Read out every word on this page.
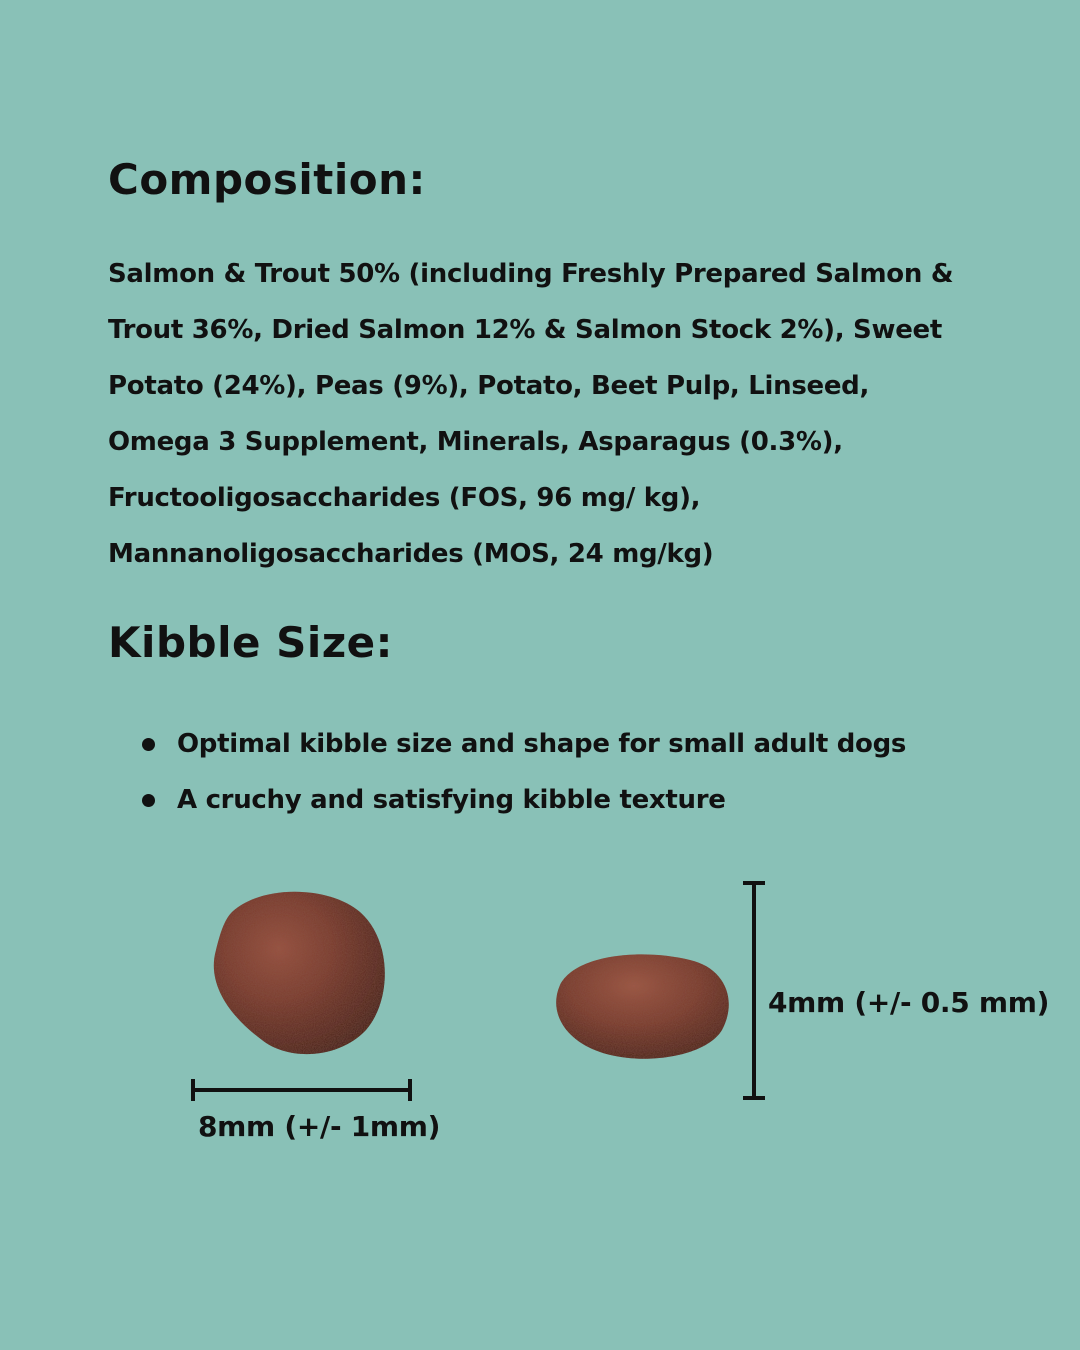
Composition:

Salmon & Trout 50% (including Freshly Prepared Salmon & Trout 36%, Dried Salmon 12% & Salmon Stock 2%), Sweet Potato (24%), Peas (9%), Potato, Beet Pulp, Linseed, Omega 3 Supplement, Minerals, Asparagus (0.3%), Fructooligosaccharides (FOS, 96 mg/ kg), Mannanoligosaccharides (MOS, 24 mg/kg)

Kibble Size:
Optimal kibble size and shape for small adult dogs
A cruchy and satisfying kibble texture

8mm (+/- 1mm)

4mm (+/- 0.5 mm)
